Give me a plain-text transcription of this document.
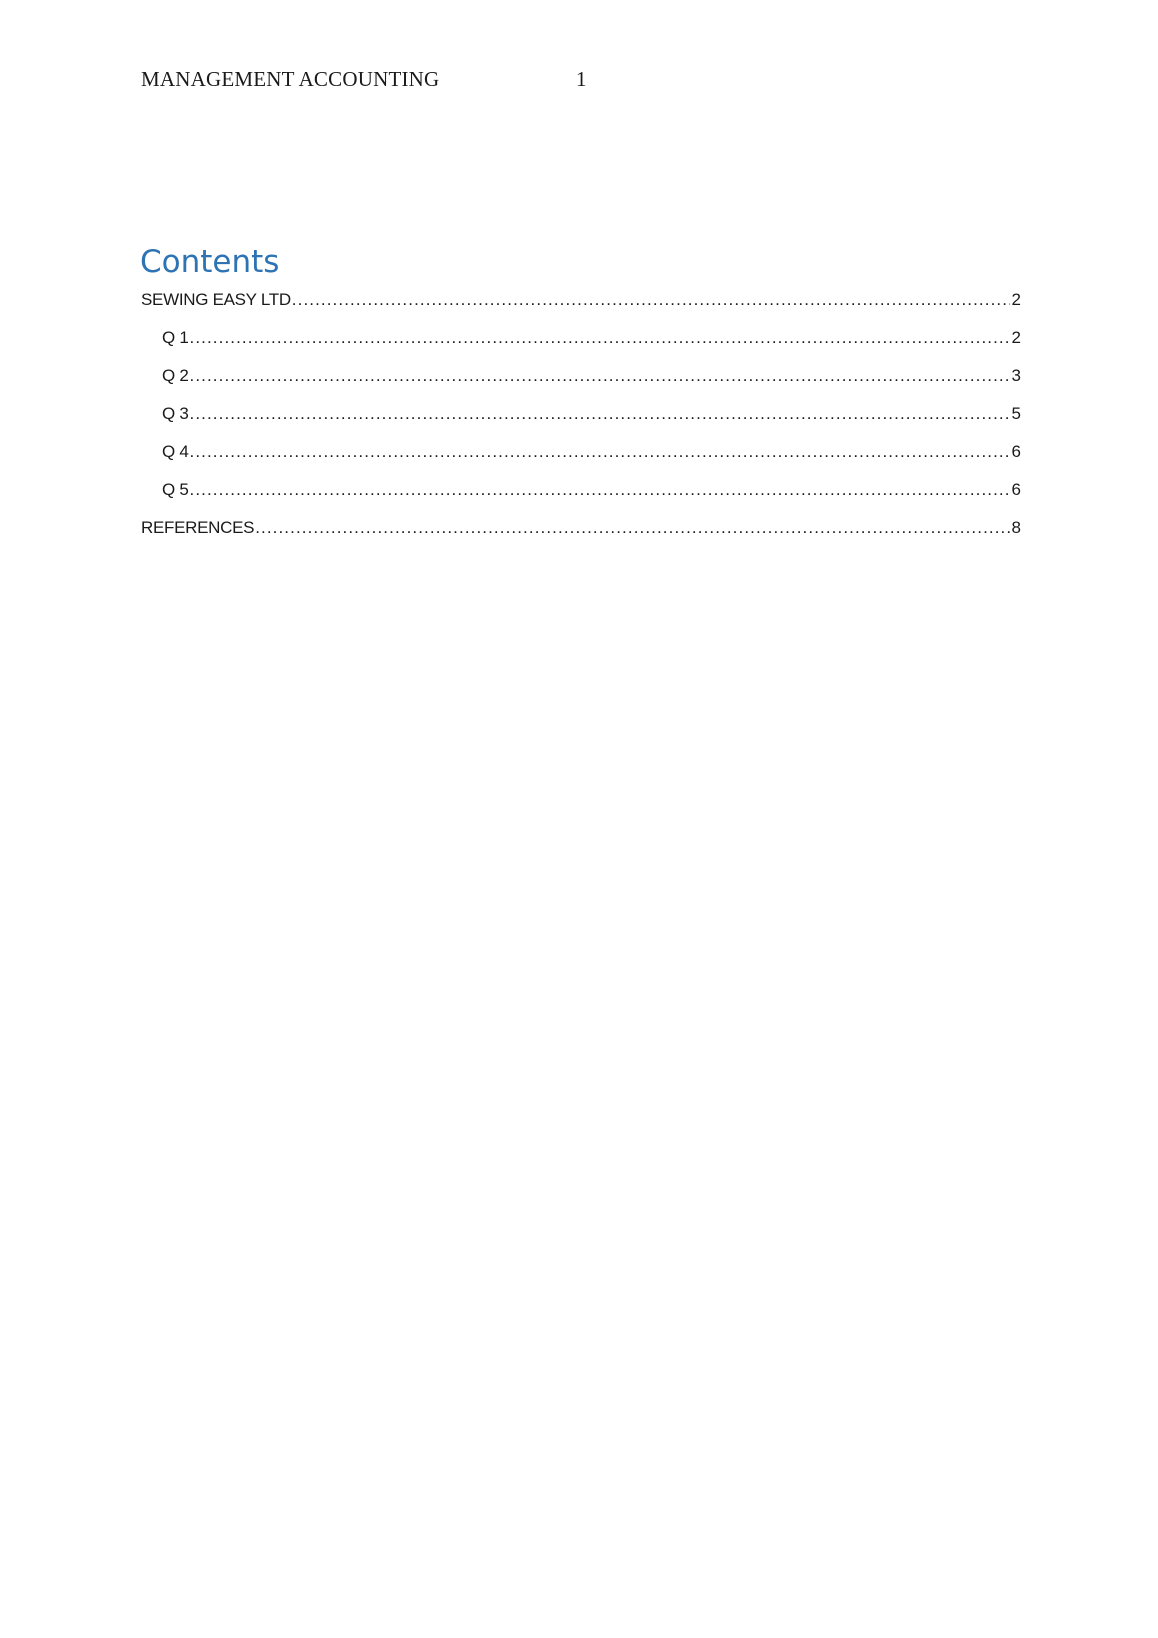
MANAGEMENT ACCOUNTING	1
Contents
SEWING EASY LTD .....	2
Q 1 .....	2
Q 2 .....	3
Q 3 .....	5
Q 4 .....	6
Q 5 .....	6
REFERENCES .....	8
